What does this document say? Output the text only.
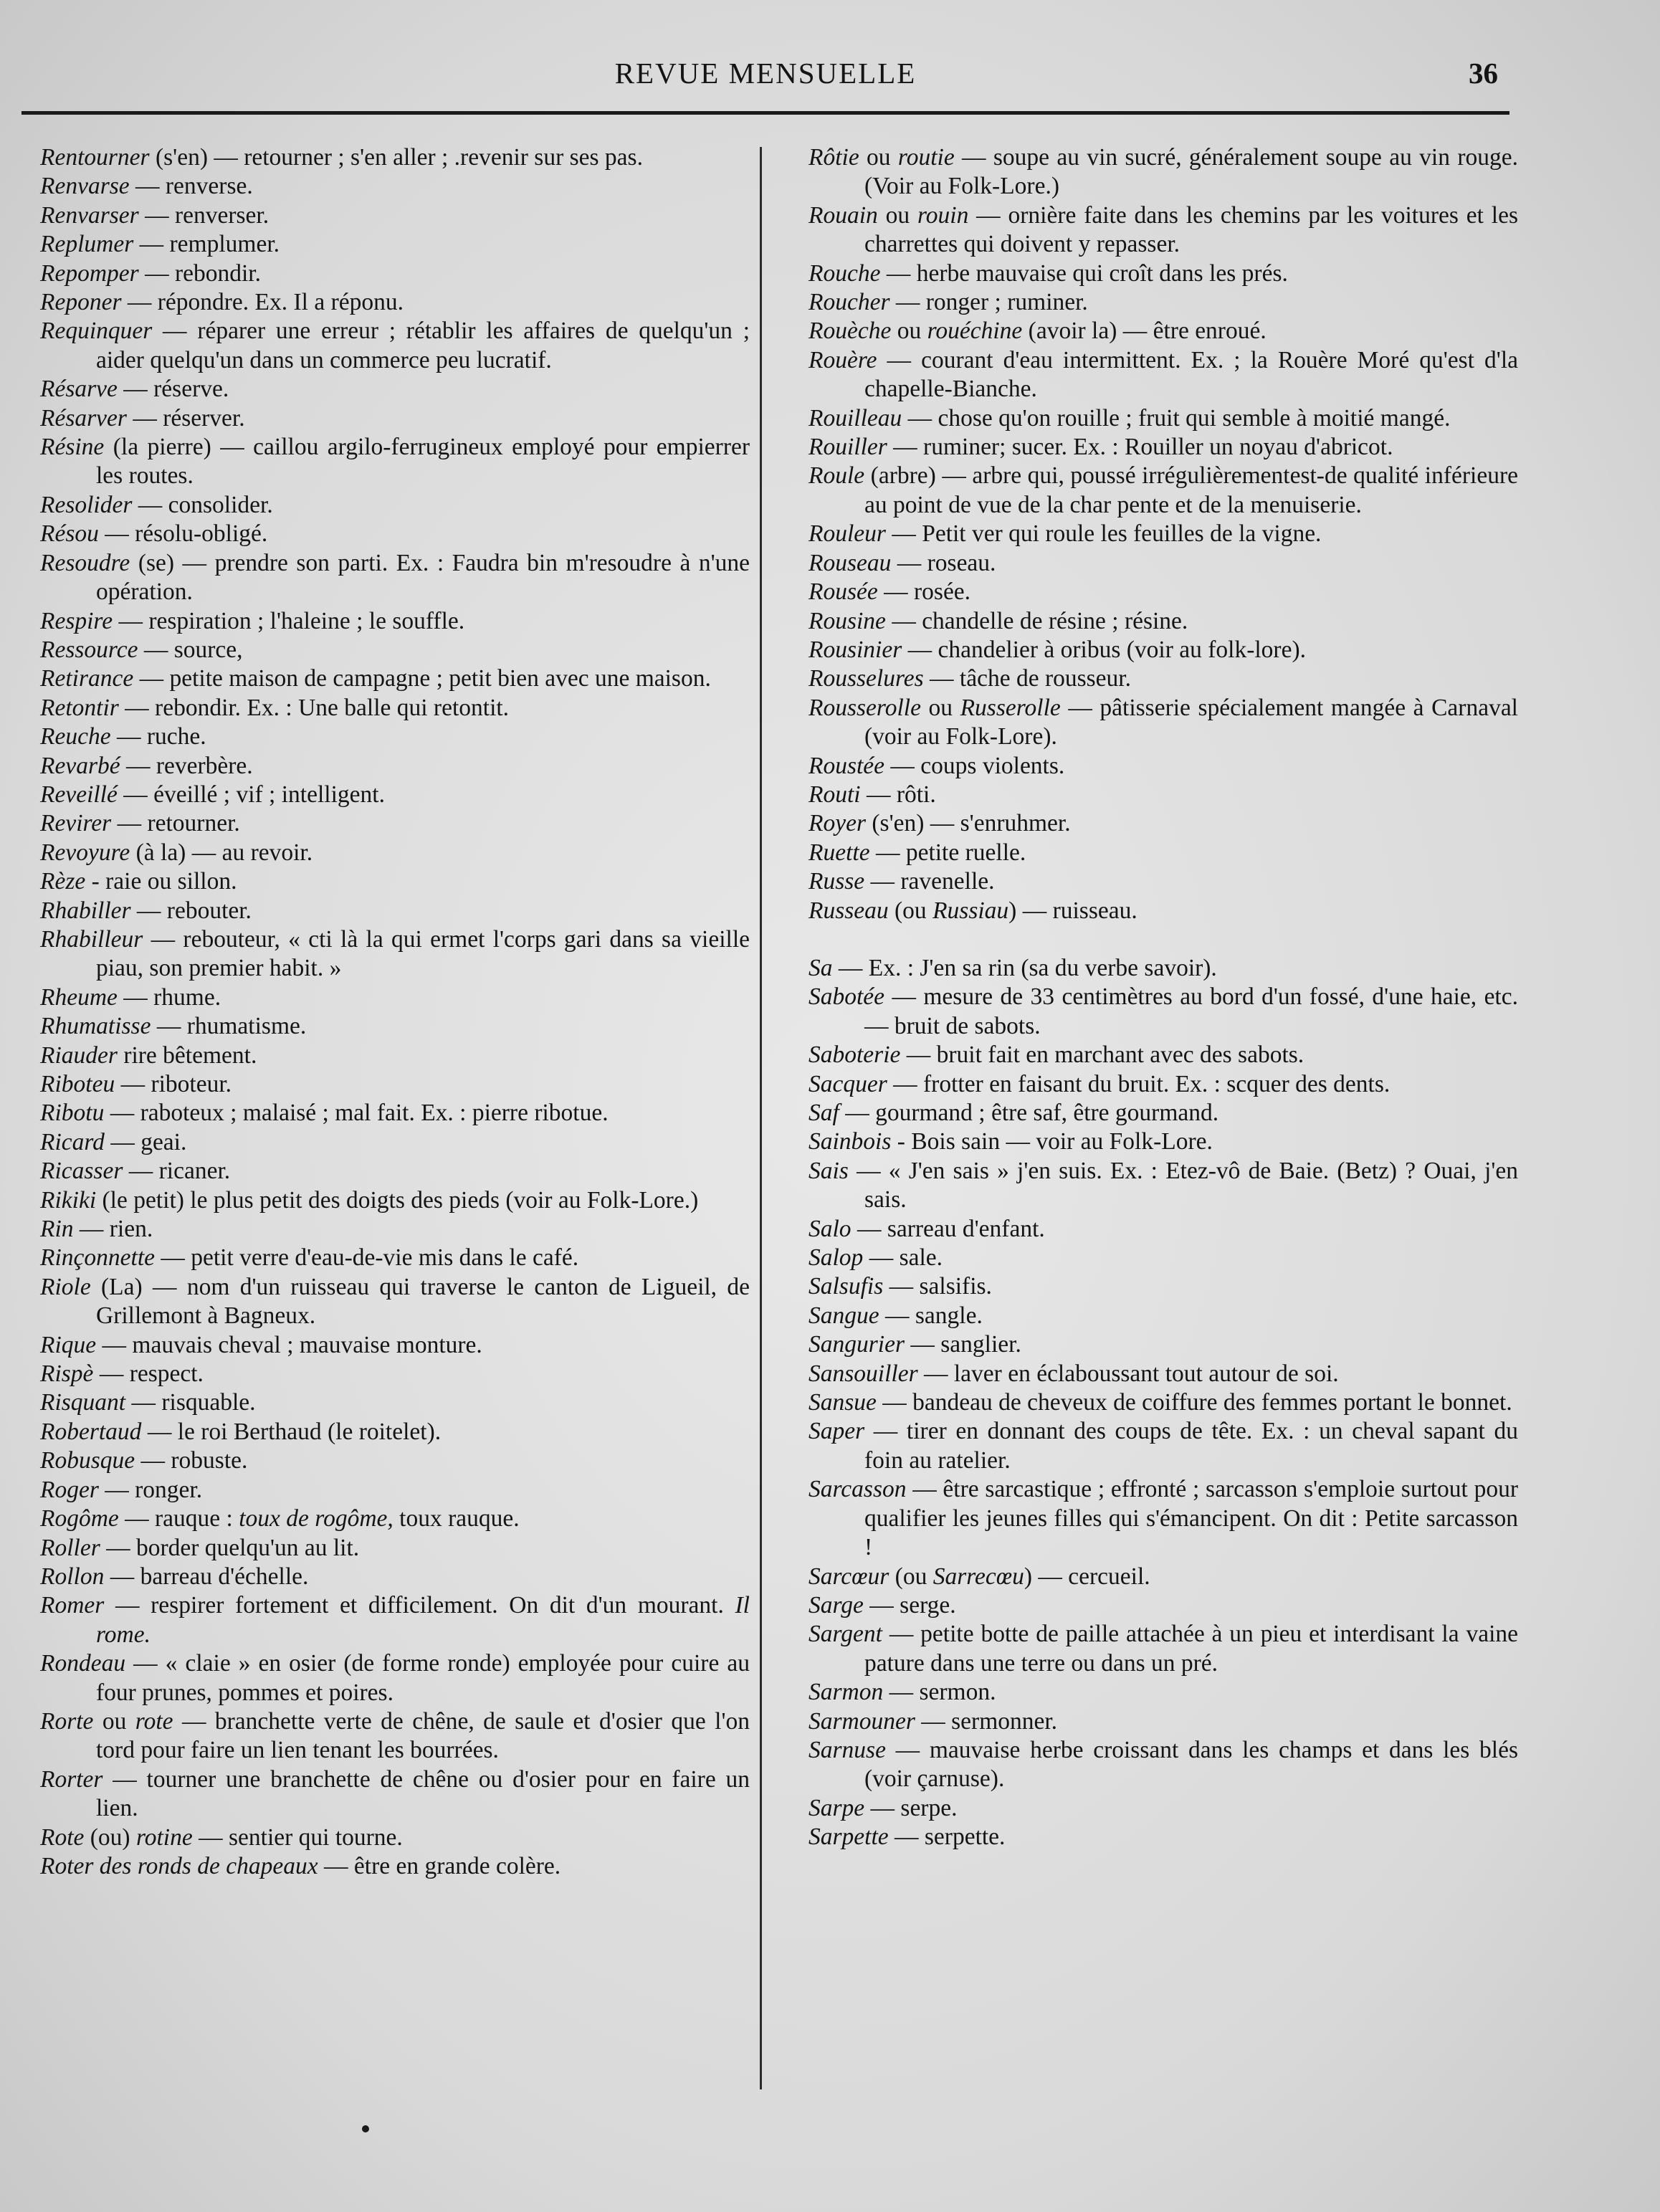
REVUE MENSUELLE	36

Rentourner (s'en) — retourner ; s'en aller ; .revenir sur ses pas.

Renvarse — renverse.

Renvarser — renverser.

Replumer — remplumer.

Repomper — rebondir.

Reponer — répondre. Ex. Il a réponu.

Requinquer — réparer une erreur ; rétablir les affaires de quelqu'un ; aider quelqu'un dans un commerce peu lucratif.

Résarve — réserve.

Résarver — réserver.

Résine (la pierre) — caillou argilo-ferrugineux employé pour empierrer les routes.

Resolider — consolider.

Résou — résolu-obligé.

Resoudre (se) — prendre son parti. Ex. : Faudra bin m'resoudre à n'une opération.

Respire — respiration ; l'haleine ; le souffle.

Ressource — source,

Retirance — petite maison de campagne ; petit bien avec une maison.

Retontir — rebondir. Ex. : Une balle qui retontit.

Reuche — ruche.

Revarbé — reverbère.

Reveillé — éveillé ; vif ; intelligent.

Revirer — retourner.

Revoyure (à la) — au revoir.

Rèze - raie ou sillon.

Rhabiller — rebouter.

Rhabilleur — rebouteur, « cti là la qui ermet l'corps gari dans sa vieille piau, son premier habit. »

Rheume — rhume.

Rhumatisse — rhumatisme.

Riauder rire bêtement.

Riboteu — riboteur.

Ribotu — raboteux ; malaisé ; mal fait. Ex. : pierre ribotue.

Ricard — geai.

Ricasser — ricaner.

Rikiki (le petit) le plus petit des doigts des pieds (voir au Folk-Lore.)

Rin — rien.

Rinçonnette — petit verre d'eau-de-vie mis dans le café.

Riole (La) — nom d'un ruisseau qui traverse le canton de Ligueil, de Grillemont à Bagneux.

Rique — mauvais cheval ; mauvaise monture.

Rispè — respect.

Risquant — risquable.

Robertaud — le roi Berthaud (le roitelet).

Robusque — robuste.

Roger — ronger.

Rogôme — rauque : toux de rogôme, toux rauque.

Roller — border quelqu'un au lit.

Rollon — barreau d'échelle.

Romer — respirer fortement et difficilement. On dit d'un mourant. Il rome.

Rondeau — « claie » en osier (de forme ronde) employée pour cuire au four prunes, pommes et poires.

Rorte ou rote — branchette verte de chêne, de saule et d'osier que l'on tord pour faire un lien tenant les bourrées.

Rorter — tourner une branchette de chêne ou d'osier pour en faire un lien.

Rote (ou) rotine — sentier qui tourne.

Roter des ronds de chapeaux — être en grande colère.

Rôtie ou routie — soupe au vin sucré, généralement soupe au vin rouge. (Voir au Folk-Lore.)

Rouain ou rouin — ornière faite dans les chemins par les voitures et les charrettes qui doivent y repasser.

Rouche — herbe mauvaise qui croît dans les prés.

Roucher — ronger ; ruminer.

Rouèche ou rouéchine (avoir la) — être enroué.

Rouère — courant d'eau intermittent. Ex. ; la Rouère Moré qu'est d'la chapelle-Bianche.

Rouilleau — chose qu'on rouille ; fruit qui semble à moitié mangé.

Rouiller — ruminer; sucer. Ex. : Rouiller un noyau d'abricot.

Roule (arbre) — arbre qui, poussé irrégulièrementest-de qualité inférieure au point de vue de la char pente et de la menuiserie.

Rouleur — Petit ver qui roule les feuilles de la vigne.

Rouseau — roseau.

Rousée — rosée.

Rousine — chandelle de résine ; résine.

Rousinier — chandelier à oribus (voir au folk-lore).

Rousselures — tâche de rousseur.

Rousserolle ou Russerolle — pâtisserie spécialement mangée à Carnaval (voir au Folk-Lore).

Roustée — coups violents.

Routi — rôti.

Royer (s'en) — s'enruhmer.

Ruette — petite ruelle.

Russe — ravenelle.

Russeau (ou Russiau) — ruisseau.

Sa — Ex. : J'en sa rin (sa du verbe savoir).

Sabotée — mesure de 33 centimètres au bord d'un fossé, d'une haie, etc. — bruit de sabots.

Saboterie — bruit fait en marchant avec des sabots.

Sacquer — frotter en faisant du bruit. Ex. : scquer des dents.

Saf — gourmand ; être saf, être gourmand.

Sainbois - Bois sain — voir au Folk-Lore.

Sais — « J'en sais » j'en suis. Ex. : Etez-vô de Baie. (Betz) ? Ouai, j'en sais.

Salo — sarreau d'enfant.

Salop — sale.

Salsufis — salsifis.

Sangue — sangle.

Sangurier — sanglier.

Sansouiller — laver en éclaboussant tout autour de soi.

Sansue — bandeau de cheveux de coiffure des femmes portant le bonnet.

Saper — tirer en donnant des coups de tête. Ex. : un cheval sapant du foin au ratelier.

Sarcasson — être sarcastique ; effronté ; sarcasson s'emploie surtout pour qualifier les jeunes filles qui s'émancipent. On dit : Petite sarcasson !

Sarcœur (ou Sarrecœu) — cercueil.

Sarge — serge.

Sargent — petite botte de paille attachée à un pieu et interdisant la vaine pature dans une terre ou dans un pré.

Sarmon — sermon.

Sarmouner — sermonner.

Sarnuse — mauvaise herbe croissant dans les champs et dans les blés (voir çarnuse).

Sarpe — serpe.

Sarpette — serpette.
